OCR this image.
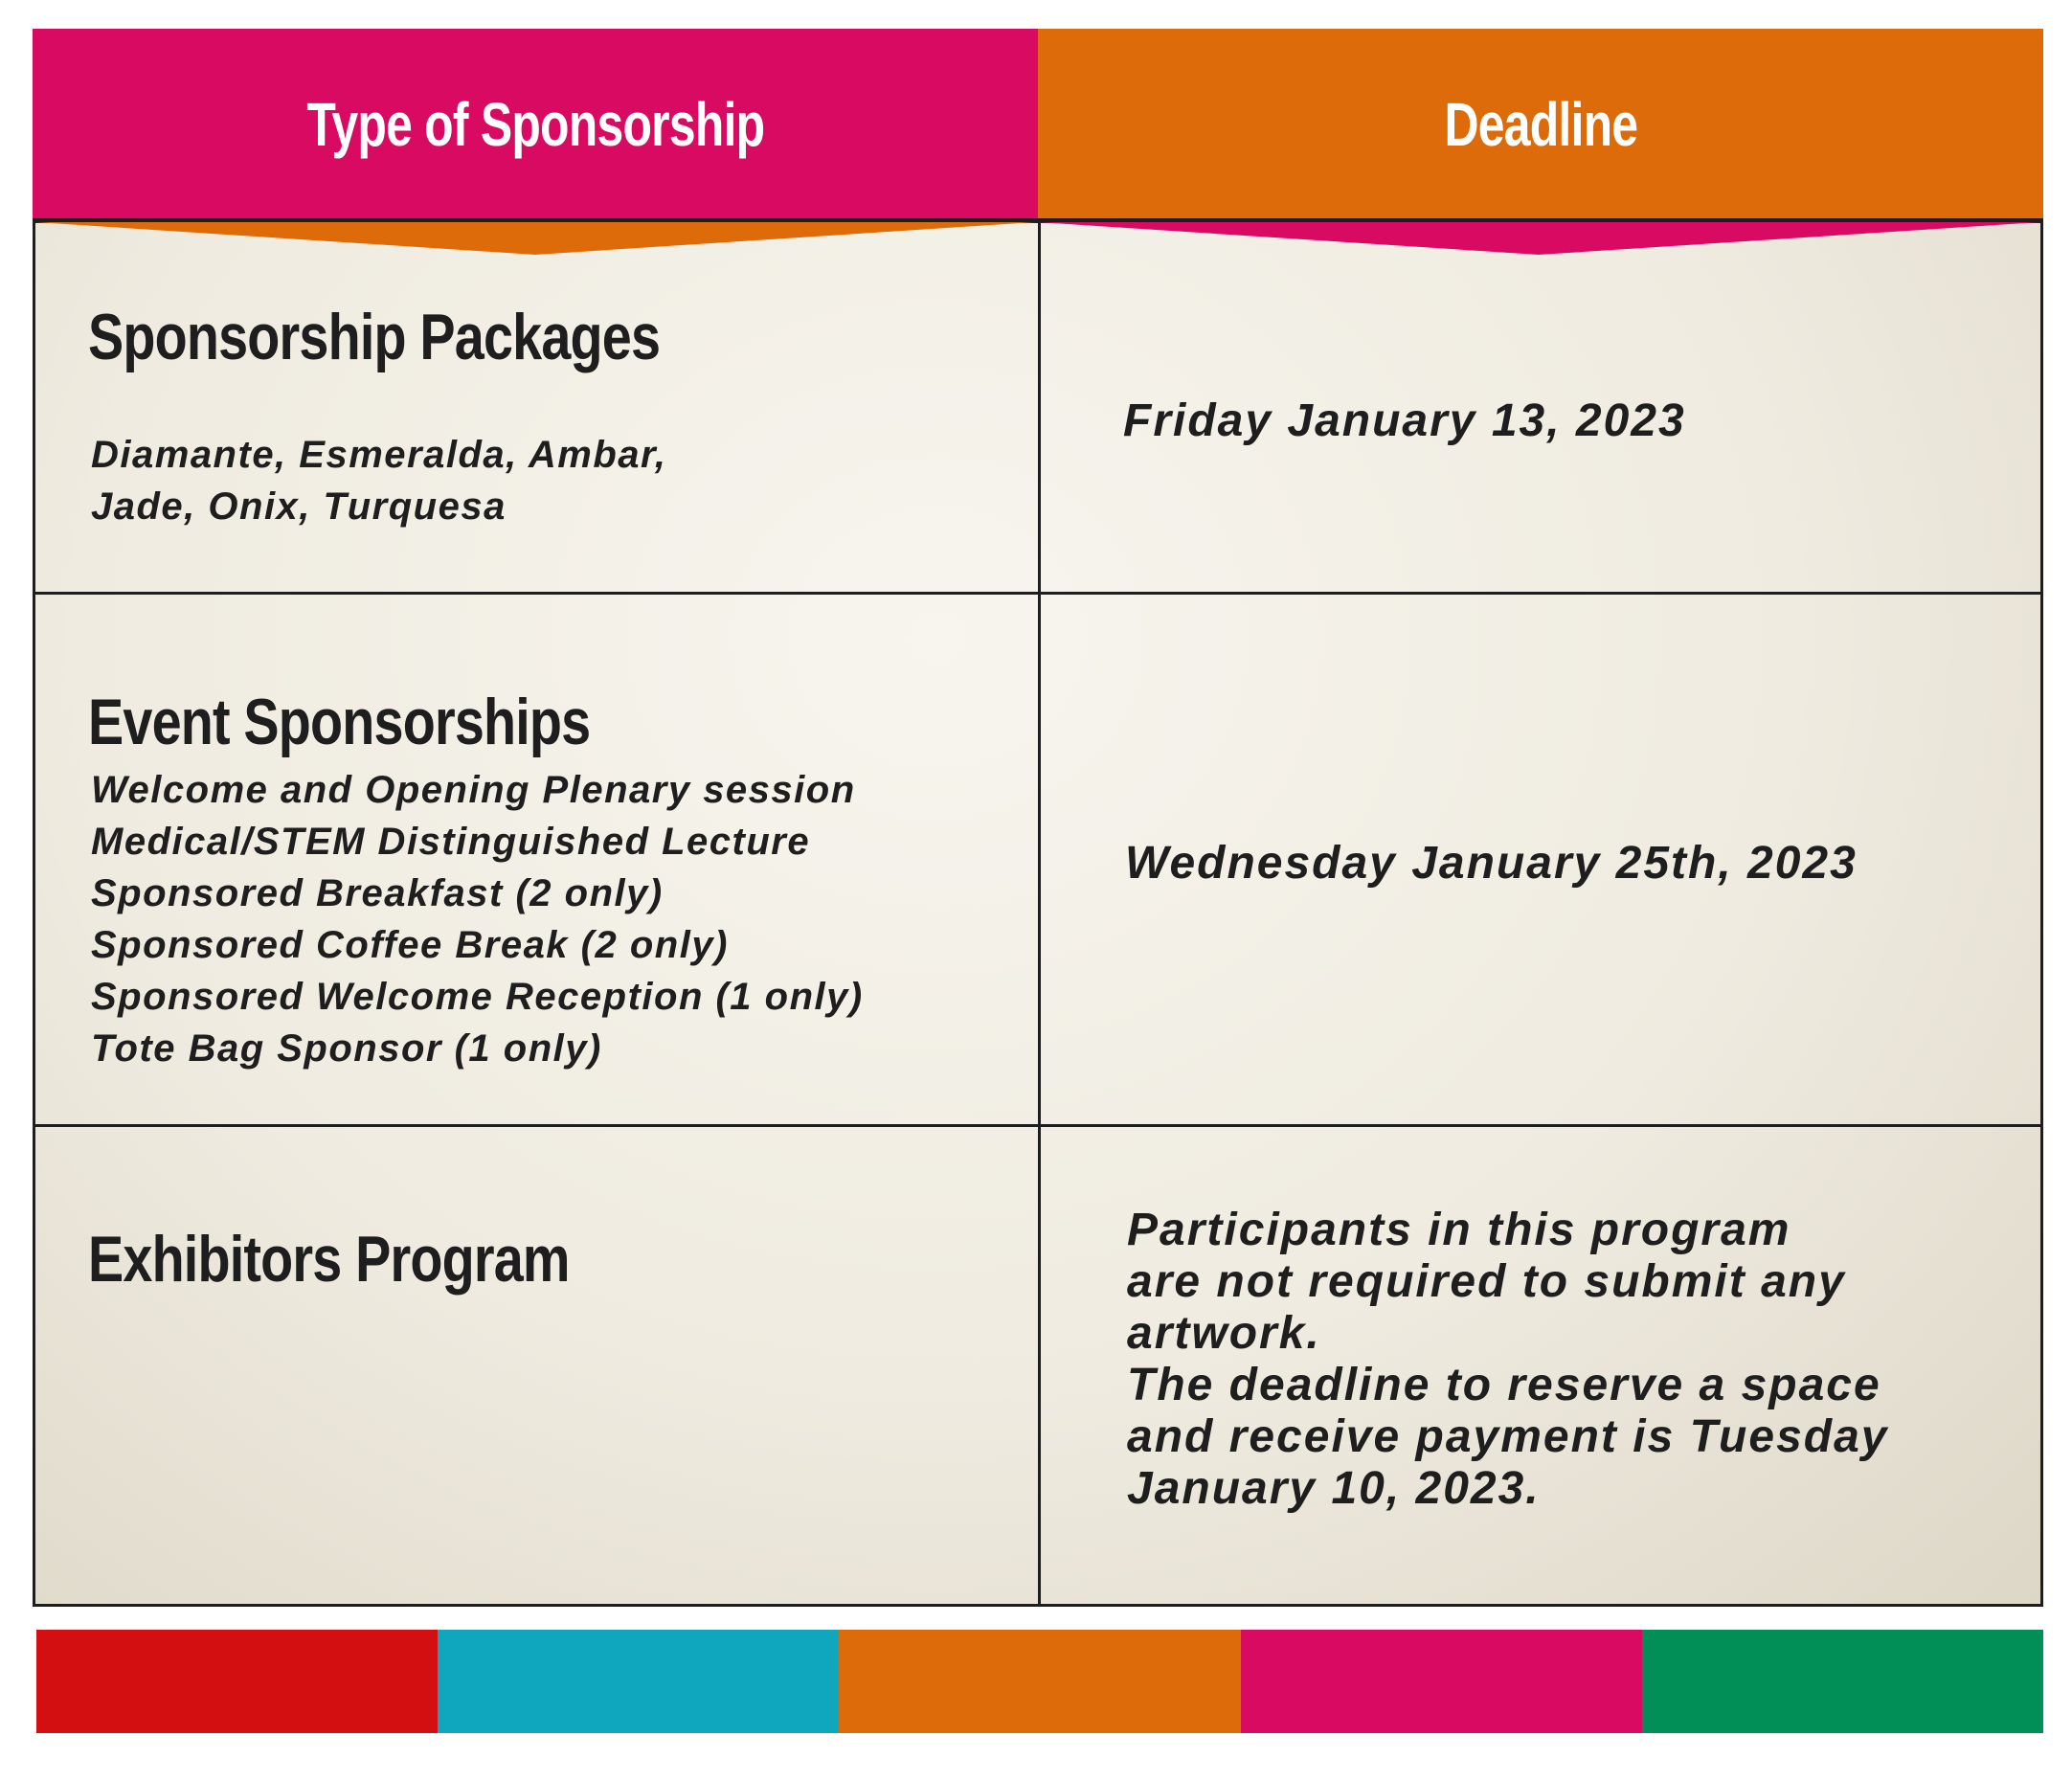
Type of Sponsorship	Deadline
Sponsorship Packages
Diamante, Esmeralda, Ambar,
Jade, Onix, Turquesa
Friday January 13, 2023
Event Sponsorships
Welcome and Opening Plenary session
Medical/STEM Distinguished Lecture
Sponsored Breakfast (2 only)
Sponsored Coffee Break (2 only)
Sponsored Welcome Reception (1 only)
Tote Bag Sponsor (1 only)
Wednesday January 25th, 2023
Exhibitors Program	Participants in this program
are not required to submit any
artwork.
The deadline to reserve a space
and receive payment is Tuesday
January 10, 2023.
